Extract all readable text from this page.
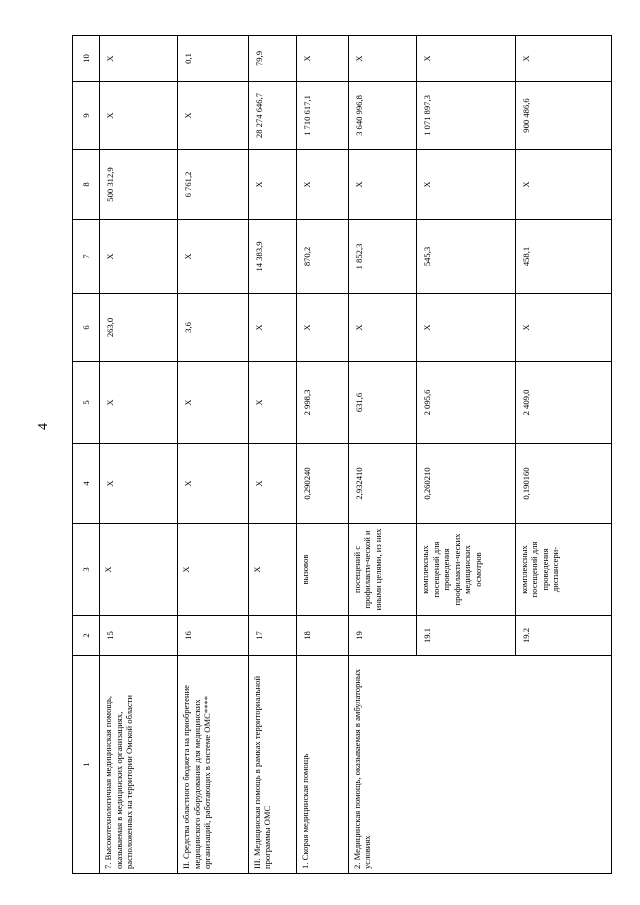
4
1	2	3	4	5	6	7	8	9	10
7. Высокотехнологичная медицинская помощь, оказываемая в медицинских организациях, расположенных на территории Омской области	15	Х	Х	Х	263,0	Х	500 312,9	Х	Х
II. Средства областного бюджета на приобретение медицинского оборудования для медицинских организаций, работающих в системе ОМС****	16	Х	Х	Х	3,6	Х	6 761,2	Х	0,1
III. Медицинская помощь в рамках территориальной программы ОМС	17	Х	Х	Х	Х	14 383,9	Х	28 274 646,7	79,9
1. Скорая медицинская помощь	18	вызовов	0,290240	2 998,3	Х	870,2	Х	1 710 617,1	Х
2. Медицинская помощь, оказываемая в амбулаторных условиях	19	посещений с профилакти-ческой и иными целями, из них	2,932410	631,6	Х	1 852,3	Х	3 640 996,8	Х
	19.1	комплексных посещений для проведения профилакти-ческих медицинских осмотров	0,260210	2 095,6	Х	545,3	Х	1 071 897,3	Х
	19.2	комплексных посещений для проведения диспансери-	0,190160	2 409,0	Х	458,1	Х	900 486,6	Х
